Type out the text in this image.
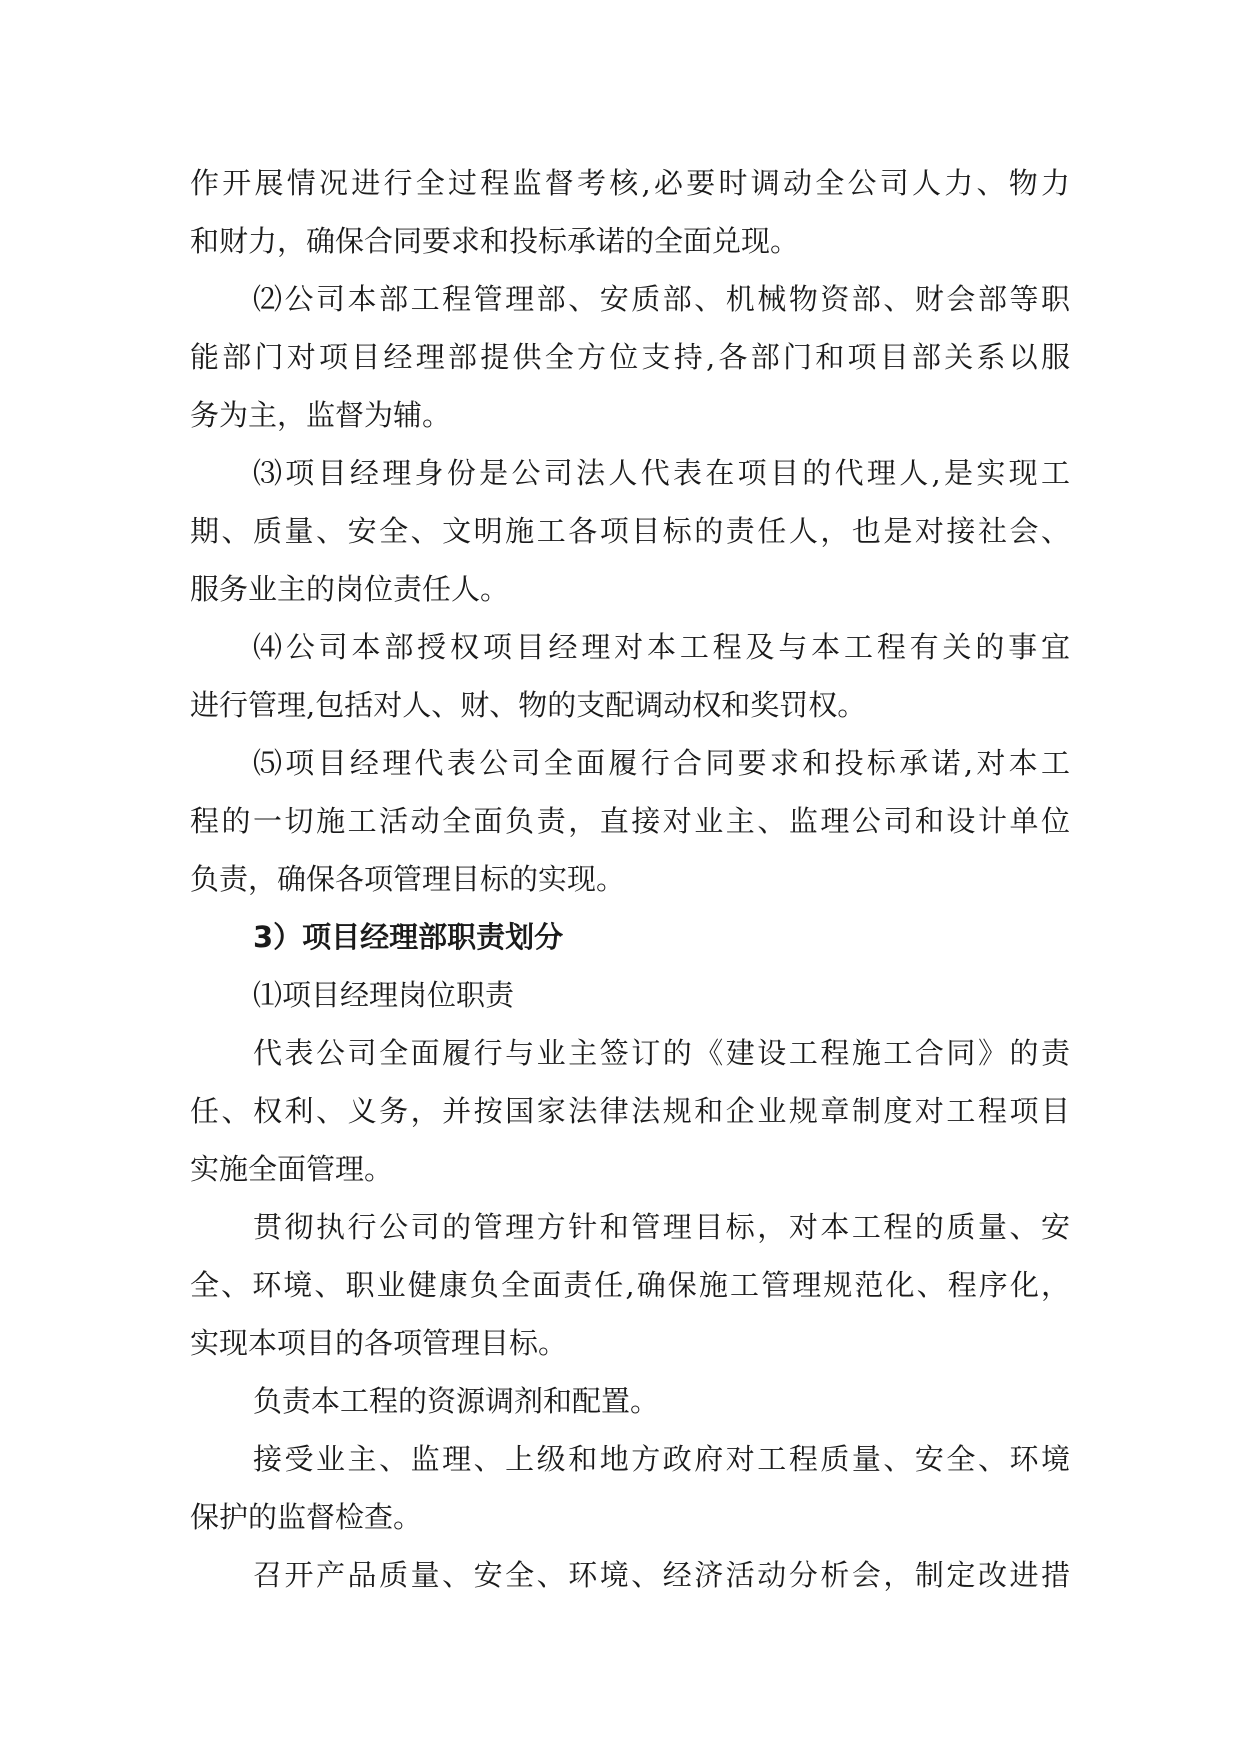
作开展情况进行全过程监督考核,必要时调动全公司人力、物力
和财力，确保合同要求和投标承诺的全面兑现。
⑵公司本部工程管理部、安质部、机械物资部、财会部等职
能部门对项目经理部提供全方位支持,各部门和项目部关系以服
务为主，监督为辅。
⑶项目经理身份是公司法人代表在项目的代理人,是实现工
期、质量、安全、文明施工各项目标的责任人，也是对接社会、
服务业主的岗位责任人。
⑷公司本部授权项目经理对本工程及与本工程有关的事宜
进行管理,包括对人、财、物的支配调动权和奖罚权。
⑸项目经理代表公司全面履行合同要求和投标承诺,对本工
程的一切施工活动全面负责，直接对业主、监理公司和设计单位
负责，确保各项管理目标的实现。
3）项目经理部职责划分
⑴项目经理岗位职责
代表公司全面履行与业主签订的《建设工程施工合同》的责
任、权利、义务，并按国家法律法规和企业规章制度对工程项目
实施全面管理。
贯彻执行公司的管理方针和管理目标，对本工程的质量、安
全、环境、职业健康负全面责任,确保施工管理规范化、程序化，
实现本项目的各项管理目标。
负责本工程的资源调剂和配置。
接受业主、监理、上级和地方政府对工程质量、安全、环境
保护的监督检查。
召开产品质量、安全、环境、经济活动分析会，制定改进措
